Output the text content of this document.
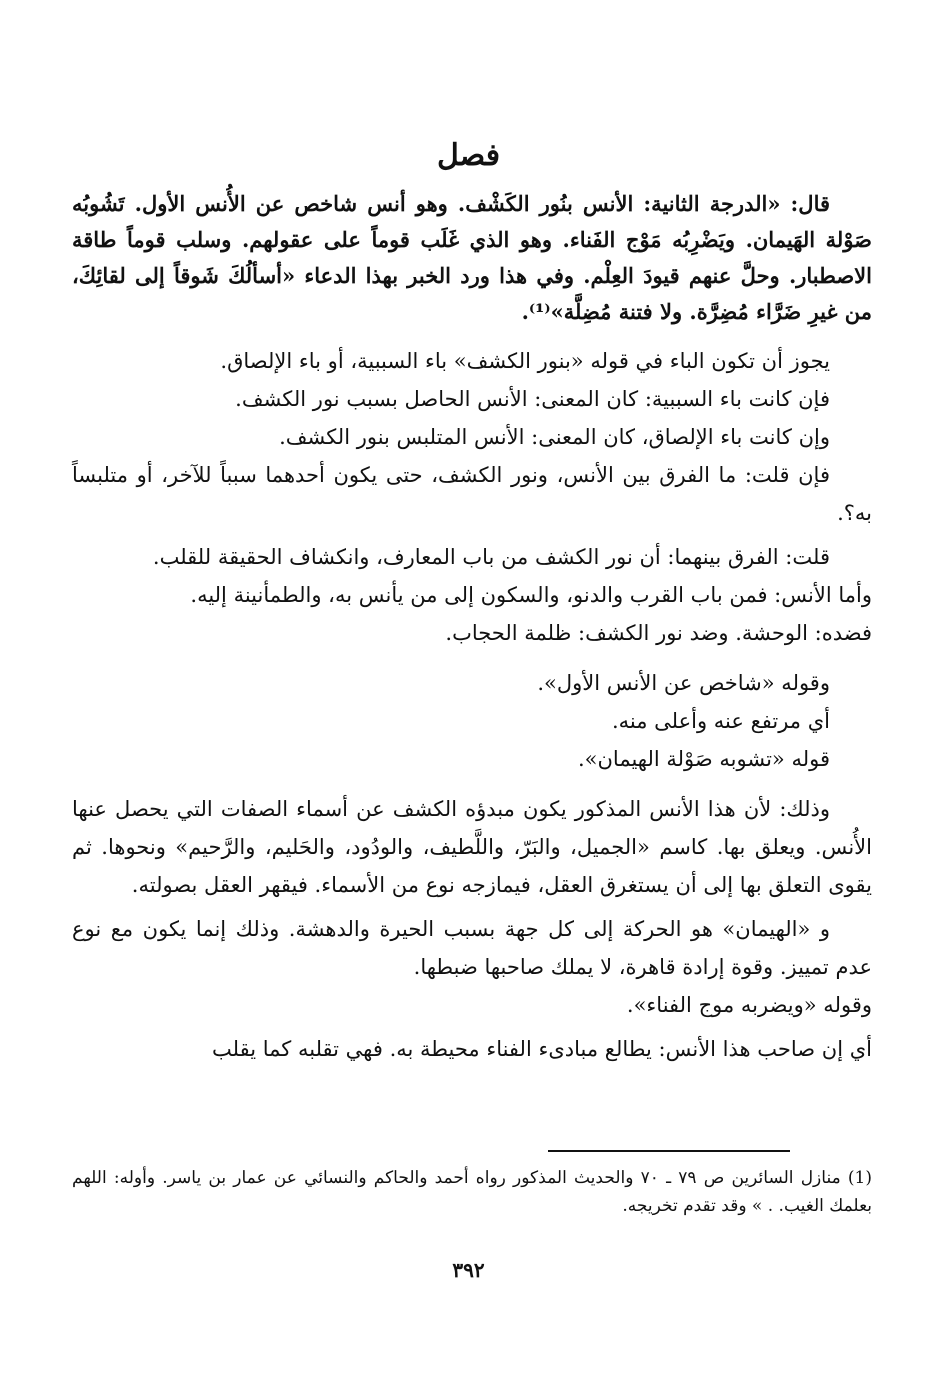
فصل

قال: «الدرجة الثانية: الأنس بنُور الكَشْف. وهو أنس شاخص عن الأُنس الأول. تَشُوبُه صَوْلة الهَيمان. ويَضْرِبُه مَوْج الفَناء. وهو الذي غَلَب قوماً على عقولهم. وسلب قوماً طاقة الاصطبار. وحلَّ عنهم قيودَ العِلْم. وفي هذا ورد الخبر بهذا الدعاء «أسألُكَ شَوقاً إلى لقائِكَ، من غيرِ ضَرَّاء مُضِرَّة. ولا فتنة مُضِلَّة»⁽¹⁾.

يجوز أن تكون الباء في قوله «بنور الكشف» باء السببية، أو باء الإلصاق.

فإن كانت باء السببية: كان المعنى: الأنس الحاصل بسبب نور الكشف.

وإن كانت باء الإلصاق، كان المعنى: الأنس المتلبس بنور الكشف.

فإن قلت: ما الفرق بين الأنس، ونور الكشف، حتى يكون أحدهما سبباً للآخر، أو متلبساً به؟.

قلت: الفرق بينهما: أن نور الكشف من باب المعارف، وانكشاف الحقيقة للقلب.

وأما الأنس: فمن باب القرب والدنو، والسكون إلى من يأنس به، والطمأنينة إليه.

فضده: الوحشة. وضد نور الكشف: ظلمة الحجاب.

وقوله «شاخص عن الأنس الأول».

أي مرتفع عنه وأعلى منه.

قوله «تشوبه صَوْلة الهيمان».

وذلك: لأن هذا الأنس المذكور يكون مبدؤه الكشف عن أسماء الصفات التي يحصل عنها الأُنس. ويعلق بها. كاسم «الجميل، والبَرّ، واللَّطيف، والودُود، والحَليم، والرَّحيم» ونحوها. ثم يقوى التعلق بها إلى أن يستغرق العقل، فيمازجه نوع من الأسماء. فيقهر العقل بصولته.

و «الهيمان» هو الحركة إلى كل جهة بسبب الحيرة والدهشة. وذلك إنما يكون مع نوع عدم تمييز. وقوة إرادة قاهرة، لا يملك صاحبها ضبطها.

وقوله «ويضربه موج الفناء».

أي إن صاحب هذا الأنس: يطالع مبادىء الفناء محيطة به. فهي تقلبه كما يقلب

(1) منازل السائرين ص ٧٩ ـ ٧٠ والحديث المذكور رواه أحمد والحاكم والنسائي عن عمار بن ياسر. وأوله: اللهم بعلمك الغيب. . » وقد تقدم تخريجه.

٣٩٢
